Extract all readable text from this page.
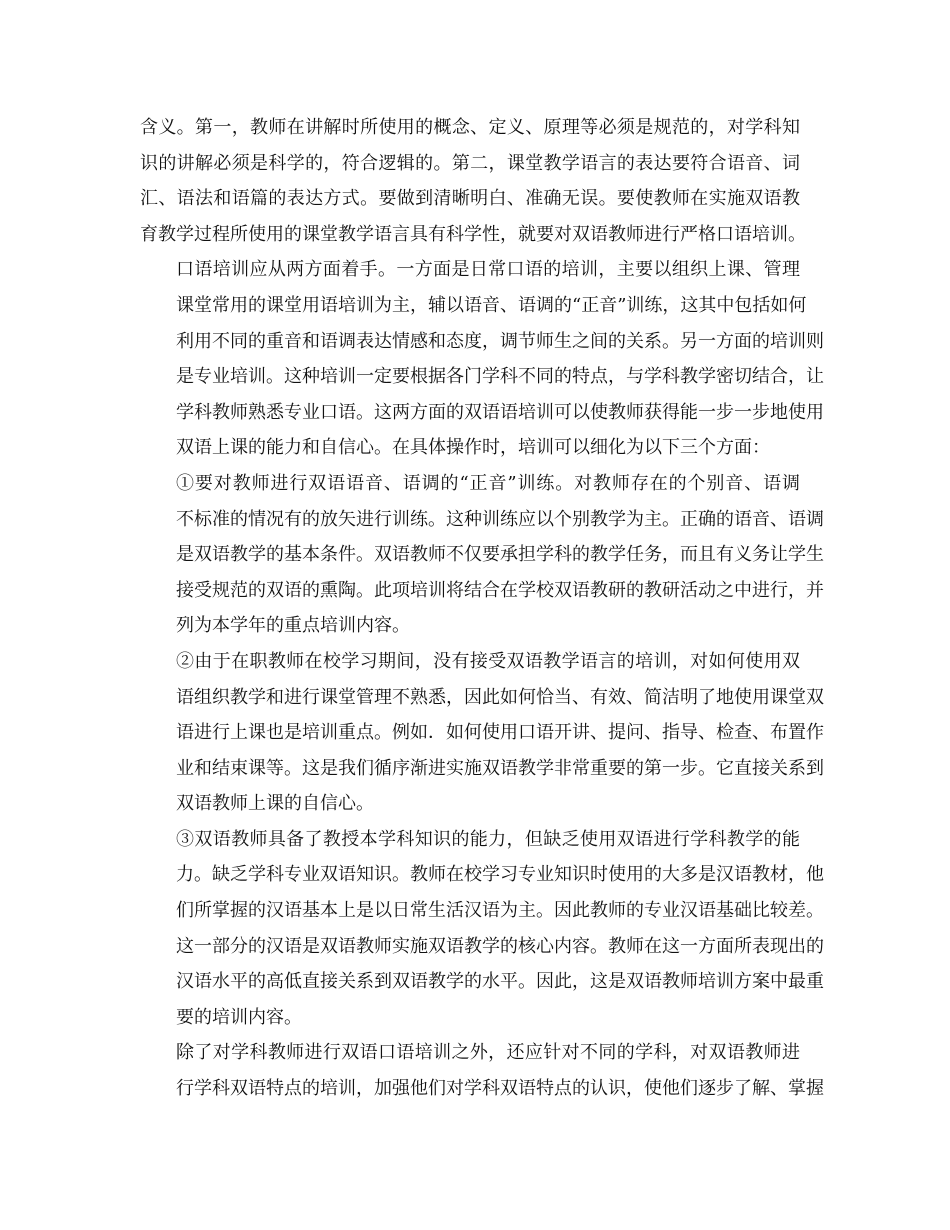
含义。第一，教师在讲解时所使用的概念、定义、原理等必须是规范的，对学科知
识的讲解必须是科学的，符合逻辑的。第二，课堂教学语言的表达要符合语音、词
汇、语法和语篇的表达方式。要做到清晰明白、准确无误。要使教师在实施双语教
育教学过程所使用的课堂教学语言具有科学性，就要对双语教师进行严格口语培训。
口语培训应从两方面着手。一方面是日常口语的培训，主要以组织上课、管理
课堂常用的课堂用语培训为主，辅以语音、语调的“正音”训练，这其中包括如何
利用不同的重音和语调表达情感和态度，调节师生之间的关系。另一方面的培训则
是专业培训。这种培训一定要根据各门学科不同的特点，与学科教学密切结合，让
学科教师熟悉专业口语。这两方面的双语语培训可以使教师获得能一步一步地使用
双语上课的能力和自信心。在具体操作时，培训可以细化为以下三个方面：
①要对教师进行双语语音、语调的“正音”训练。对教师存在的个别音、语调
不标准的情况有的放矢进行训练。这种训练应以个别教学为主。正确的语音、语调
是双语教学的基本条件。双语教师不仅要承担学科的教学任务，而且有义务让学生
接受规范的双语的熏陶。此项培训将结合在学校双语教研的教研活动之中进行，并
列为本学年的重点培训内容。
②由于在职教师在校学习期间，没有接受双语教学语言的培训，对如何使用双
语组织教学和进行课堂管理不熟悉，因此如何恰当、有效、简洁明了地使用课堂双
语进行上课也是培训重点。例如．如何使用口语开讲、提问、指导、检查、布置作
业和结束课等。这是我们循序渐进实施双语教学非常重要的第一步。它直接关系到
双语教师上课的自信心。
③双语教师具备了教授本学科知识的能力，但缺乏使用双语进行学科教学的能
力。缺乏学科专业双语知识。教师在校学习专业知识时使用的大多是汉语教材，他
们所掌握的汉语基本上是以日常生活汉语为主。因此教师的专业汉语基础比较差。
这一部分的汉语是双语教师实施双语教学的核心内容。教师在这一方面所表现出的
汉语水平的高低直接关系到双语教学的水平。因此，这是双语教师培训方案中最重
要的培训内容。
除了对学科教师进行双语口语培训之外，还应针对不同的学科，对双语教师进
行学科双语特点的培训，加强他们对学科双语特点的认识，使他们逐步了解、掌握
